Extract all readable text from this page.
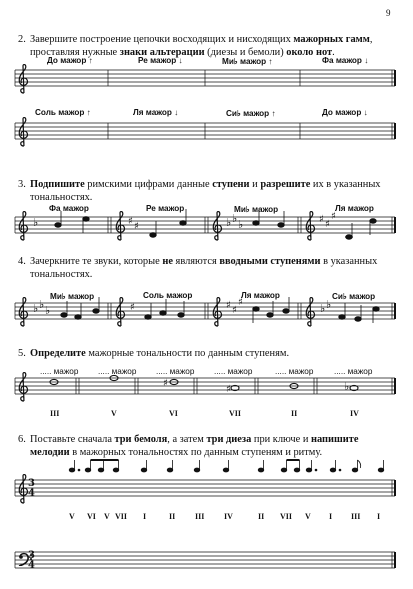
9
2. Завершите построение цепочки восходящих и нисходящих мажорных гамм,
проставляя нужные знаки альтерации (диезы и бемоли) около нот.
3. Подпишите римскими цифрами данные ступени и разрешите их в указанных
тональностях.
4. Зачеркните те звуки, которые не являются вводными ступенями в указанных
тональностях.
5. Определите мажорные тональности по данным ступеням.
6. Поставьте сначала три бемоля, а затем три диеза при ключе и напишите
мелодии в мажорных тональностях по данным ступеням и ритму.
До мажор ↑	Ре мажор ↓	Ми♭ мажор ↑	Фа мажор ↓
Соль мажор ↑	Ля мажор ↓	Си♭ мажор ↑	До мажор ↓
Фа мажор	Ре мажор	Ми♭ мажор	Ля мажор
Ми♭ мажор	Соль мажор	Ля мажор	Си♭ мажор
..... мажор ..... мажор ..... мажор ..... мажор	..... мажор	..... мажор
III	V	VI	VII	II	IV
V VI V VII I	II III IV	II VII V I III I
♭	♯ ♯	♭ ♭ ♭	♯ ♯
♯
♭ ♭ ♭	♯	♯ ♯
♯	♭ ♭
♯
♯	♭
3
4
3
4
